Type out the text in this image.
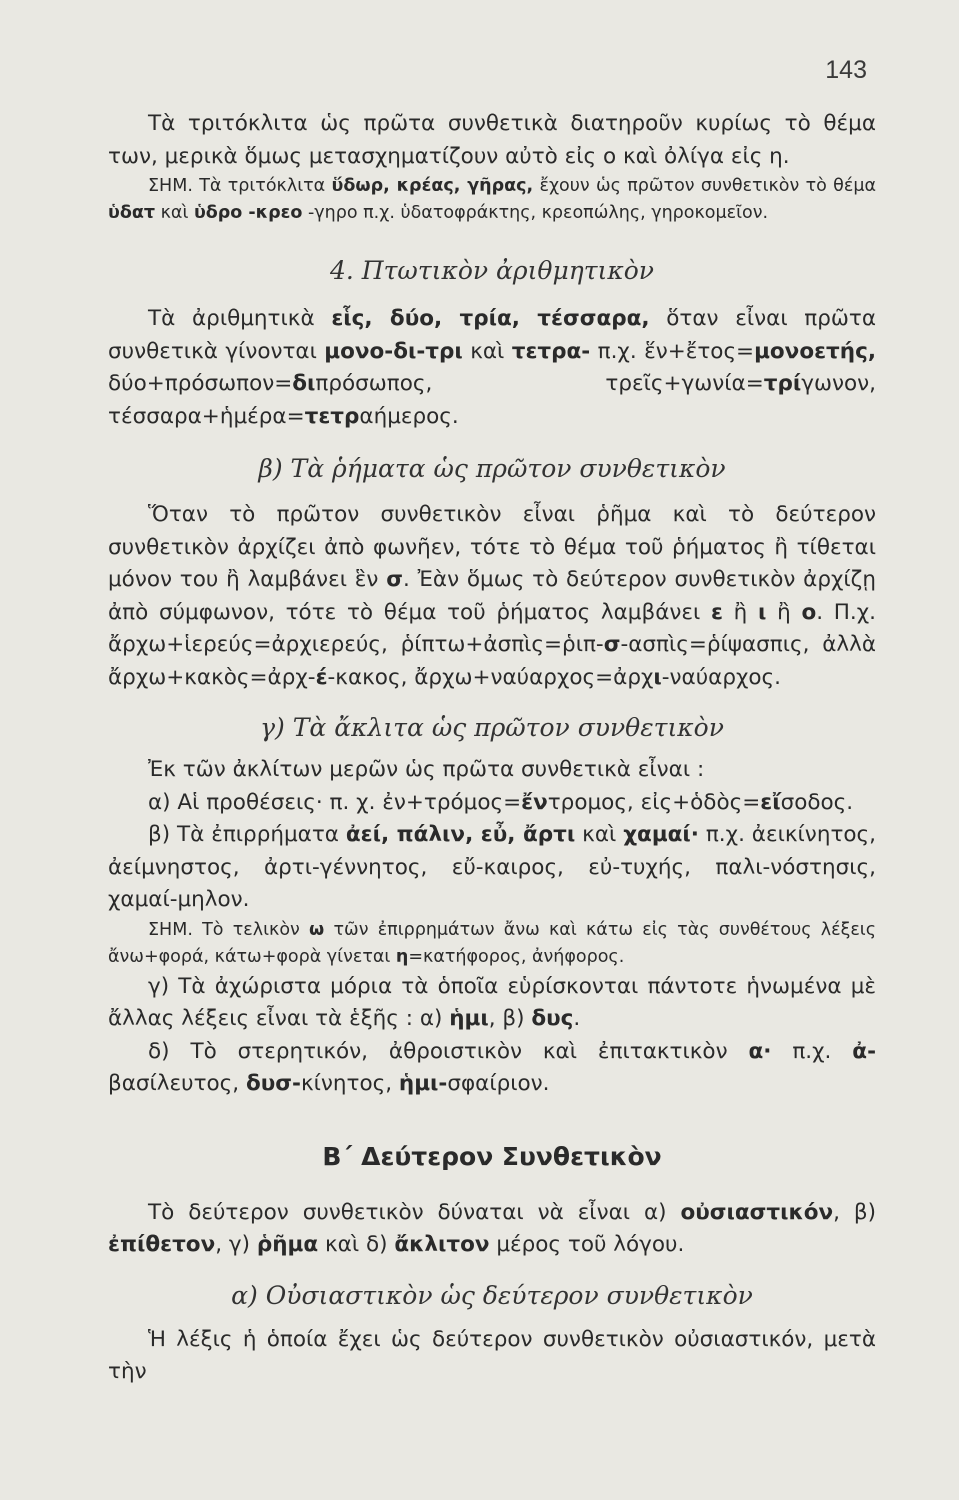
143

Τὰ τριτόκλιτα ὡς πρῶτα συνθετικὰ διατηροῦν κυρίως τὸ θέμα των, μερικὰ ὅμως μετασχηματίζουν αὐτὸ εἰς ο καὶ ὀλίγα εἰς η.

ΣΗΜ. Τὰ τριτόκλιτα ὕδωρ, κρέας, γῆρας, ἔχουν ὡς πρῶτον συνθετικὸν τὸ θέμα ὑδατ καὶ ὑδρο -κρεο -γηρο π.χ. ὑδατοφράκτης, κρεοπώλης, γηροκομεῖον.

4. Πτωτικὸν ἀριθμητικὸν

Τὰ ἀριθμητικὰ εἷς, δύο, τρία, τέσσαρα, ὅταν εἶναι πρῶτα συνθετικὰ γίνονται μονο-δι-τρι καὶ τετρα- π.χ. ἕν+ἔτος=μονοετής, δύο+πρόσωπον=διπρόσωπος, τρεῖς+γωνία=τρίγωνον, τέσσαρα+ἡμέρα=τετραήμερος.

β) Τὰ ῥήματα ὡς πρῶτον συνθετικὸν

Ὅταν τὸ πρῶτον συνθετικὸν εἶναι ῥῆμα καὶ τὸ δεύτερον συνθετικὸν ἀρχίζει ἀπὸ φωνῆεν, τότε τὸ θέμα τοῦ ῥήματος ἢ τίθεται μόνον του ἢ λαμβάνει ἓν σ. Ἐὰν ὅμως τὸ δεύτερον συνθετικὸν ἀρχίζῃ ἀπὸ σύμφωνον, τότε τὸ θέμα τοῦ ῥήματος λαμβάνει ε ἢ ι ἢ ο. Π.χ. ἄρχω+ἱερεύς=ἀρχιερεύς, ῥίπτω+ἀσπὶς=ῥιπ-σ-ασπὶς=ῥίψασπις, ἀλλὰ ἄρχω+κακὸς=ἀρχ-έ-κακος, ἄρχω+ναύαρχος=ἀρχι-ναύαρχος.

γ) Τὰ ἄκλιτα ὡς πρῶτον συνθετικὸν

Ἐκ τῶν ἀκλίτων μερῶν ὡς πρῶτα συνθετικὰ εἶναι :

α) Αἱ προθέσεις· π. χ. ἐν+τρόμος=ἔντρομος, εἰς+ὁδὸς=εἴσοδος.

β) Τὰ ἐπιρρήματα ἀεί, πάλιν, εὖ, ἄρτι καὶ χαμαί· π.χ. ἀεικίνητος, ἀείμνηστος, ἀρτι-γέννητος, εὔ-καιρος, εὐ-τυχής, παλι-νόστησις, χαμαί-μηλον.

ΣΗΜ. Τὸ τελικὸν ω τῶν ἐπιρρημάτων ἄνω καὶ κάτω εἰς τὰς συνθέτους λέξεις ἄνω+φορά, κάτω+φορὰ γίνεται η=κατήφορος, ἀνήφορος.

γ) Τὰ ἀχώριστα μόρια τὰ ὁποῖα εὑρίσκονται πάντοτε ἡνωμένα μὲ ἄλλας λέξεις εἶναι τὰ ἑξῆς : α) ἡμι, β) δυς.

δ) Τὸ στερητικόν, ἀθροιστικὸν καὶ ἐπιτακτικὸν α· π.χ. ἀ-βασίλευτος, δυσ-κίνητος, ἡμι-σφαίριον.

Β΄ Δεύτερον Συνθετικὸν

Τὸ δεύτερον συνθετικὸν δύναται νὰ εἶναι α) οὐσιαστικόν, β) ἐπίθετον, γ) ῥῆμα καὶ δ) ἄκλιτον μέρος τοῦ λόγου.

α) Οὐσιαστικὸν ὡς δεύτερον συνθετικὸν

Ἡ λέξις ἡ ὁποία ἔχει ὡς δεύτερον συνθετικὸν οὐσιαστικόν, μετὰ τὴν
